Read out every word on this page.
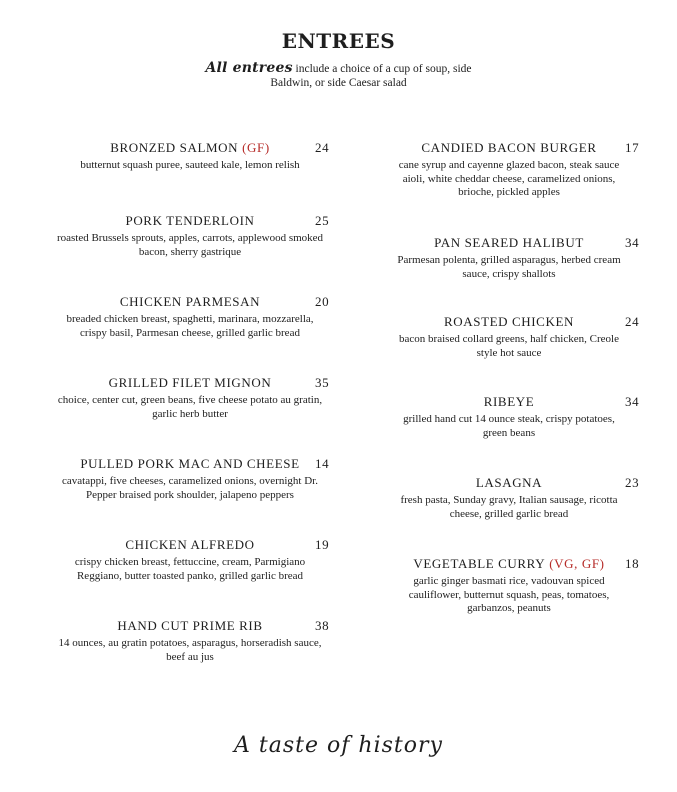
ENTREES
All entrees include a choice of a cup of soup, side
Baldwin, or side Caesar salad
BRONZED SALMON (GF)	24
butternut squash puree, sauteed kale, lemon relish
PORK TENDERLOIN	25
roasted Brussels sprouts, apples, carrots, applewood smoked
bacon, sherry gastrique
CHICKEN PARMESAN	20
breaded chicken breast, spaghetti, marinara, mozzarella,
crispy basil, Parmesan cheese, grilled garlic bread
GRILLED FILET MIGNON	35
choice, center cut, green beans, five cheese potato au gratin,
garlic herb butter
PULLED PORK MAC AND CHEESE 14
cavatappi, five cheeses, caramelized onions, overnight Dr.
Pepper braised pork shoulder, jalapeno peppers
CHICKEN ALFREDO	19
crispy chicken breast, fettuccine, cream, Parmigiano
Reggiano, butter toasted panko, grilled garlic bread
HAND CUT PRIME RIB	38
14 ounces, au gratin potatoes, asparagus, horseradish sauce,
beef au jus
CANDIED BACON BURGER 17
cane syrup and cayenne glazed bacon, steak sauce
aioli, white cheddar cheese, caramelized onions,
brioche, pickled apples
PAN SEARED HALIBUT	34
Parmesan polenta, grilled asparagus, herbed cream
sauce, crispy shallots
ROASTED CHICKEN	24
bacon braised collard greens, half chicken, Creole
style hot sauce
RIBEYE	34
grilled hand cut 14 ounce steak, crispy potatoes,
green beans
LASAGNA	23
fresh pasta, Sunday gravy, Italian sausage, ricotta
cheese, grilled garlic bread
VEGETABLE CURRY (VG, GF) 18
garlic ginger basmati rice, vadouvan spiced
cauliflower, butternut squash, peas, tomatoes,
garbanzos, peanuts
A taste of history
